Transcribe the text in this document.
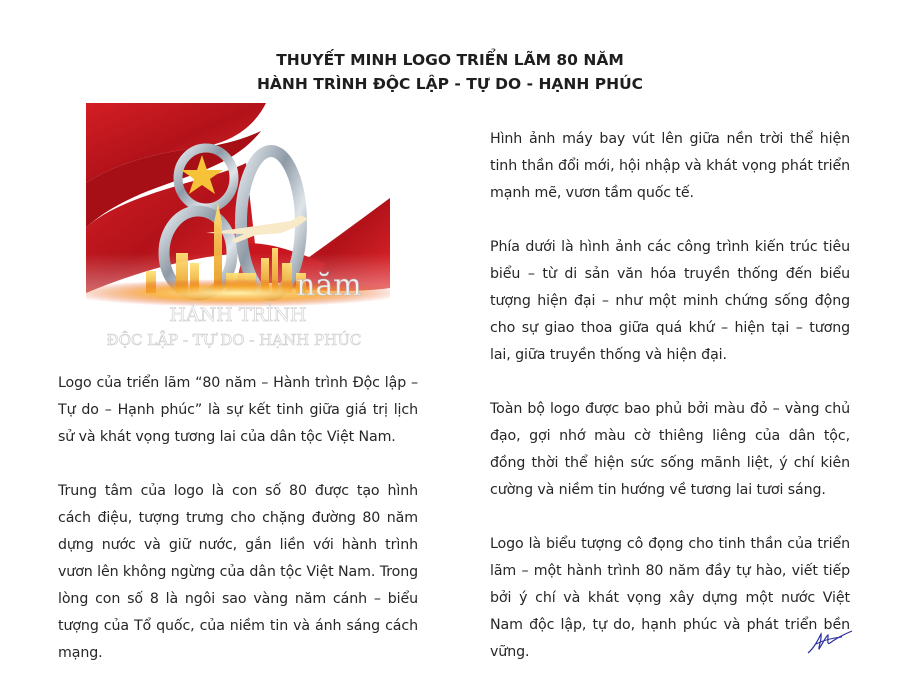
THUYẾT MINH LOGO TRIỂN LÃM 80 NĂM
HÀNH TRÌNH ĐỘC LẬP - TỰ DO - HẠNH PHÚC
năm
HÀNH TRÌNH
ĐỘC LẬP - TỰ DO - HẠNH PHÚC

Logo của triển lãm “80 năm – Hành trình Độc lập – Tự do – Hạnh phúc” là sự kết tinh giữa giá trị lịch sử và khát vọng tương lai của dân tộc Việt Nam.

Trung tâm của logo là con số 80 được tạo hình cách điệu, tượng trưng cho chặng đường 80 năm dựng nước và giữ nước, gắn liền với hành trình vươn lên không ngừng của dân tộc Việt Nam. Trong lòng con số 8 là ngôi sao vàng năm cánh – biểu tượng của Tổ quốc, của niềm tin và ánh sáng cách mạng.

Hình ảnh máy bay vút lên giữa nền trời thể hiện tinh thần đổi mới, hội nhập và khát vọng phát triển mạnh mẽ, vươn tầm quốc tế.

Phía dưới là hình ảnh các công trình kiến trúc tiêu biểu – từ di sản văn hóa truyền thống đến biểu tượng hiện đại – như một minh chứng sống động cho sự giao thoa giữa quá khứ – hiện tại – tương lai, giữa truyền thống và hiện đại.

Toàn bộ logo được bao phủ bởi màu đỏ – vàng chủ đạo, gợi nhớ màu cờ thiêng liêng của dân tộc, đồng thời thể hiện sức sống mãnh liệt, ý chí kiên cường và niềm tin hướng về tương lai tươi sáng.

Logo là biểu tượng cô đọng cho tinh thần của triển lãm – một hành trình 80 năm đầy tự hào, viết tiếp bởi ý chí và khát vọng xây dựng một nước Việt Nam độc lập, tự do, hạnh phúc và phát triển bền vững.
